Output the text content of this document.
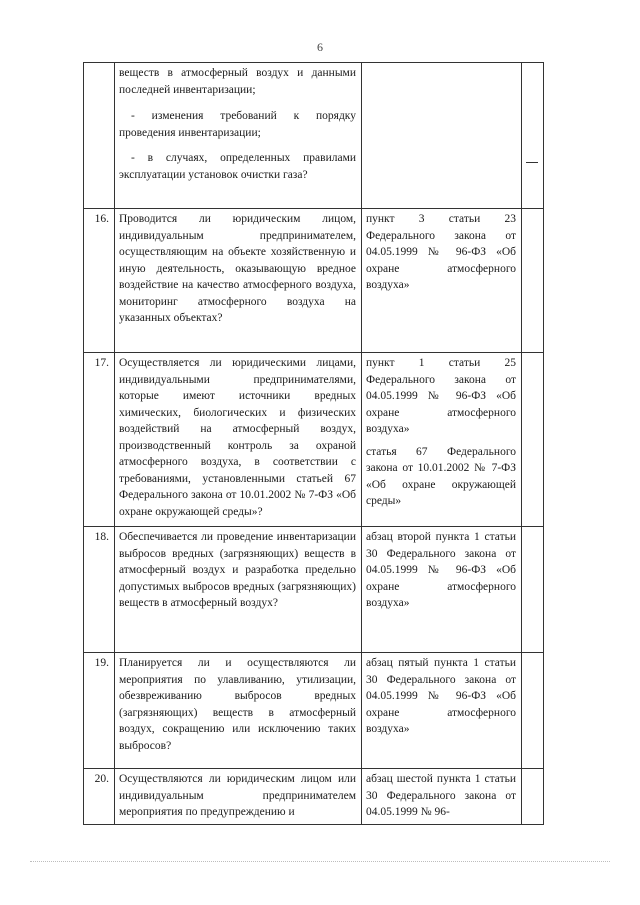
6

	веществ в атмосферный воздух и данными последней инвентаризации;

- изменения требований к порядку проведения инвентаризации;

- в случаях, определенных правилами эксплуатации установок очистки газа?		

16.	Проводится ли юридическим лицом, индивидуальным предпринимателем, осуществляющим на объекте хозяйственную и иную деятельность, оказывающую вредное воздействие на качество атмосферного воздуха, мониторинг атмосферного воздуха на указанных объектах?	пункт 3 статьи 23 Федерального закона от 04.05.1999 № 96-ФЗ «Об охране атмосферного воздуха»	

17.	Осуществляется ли юридическими лицами, индивидуальными предпринимателями, которые имеют источники вредных химических, биологических и физических воздействий на атмосферный воздух, производственный контроль за охраной атмосферного воздуха, в соответствии с требованиями, установленными статьей 67 Федерального закона от 10.01.2002 № 7-ФЗ «Об охране окружающей среды»?	пункт 1 статьи 25 Федерального закона от 04.05.1999 № 96-ФЗ «Об охране атмосферного воздуха»
статья 67 Федерального закона от 10.01.2002 № 7-ФЗ «Об охране окружающей среды»	

18.	Обеспечивается ли проведение инвентаризации выбросов вредных (загрязняющих) веществ в атмосферный воздух и разработка предельно допустимых выбросов вредных (загрязняющих) веществ в атмосферный воздух?	абзац второй пункта 1 статьи 30 Федерального закона от 04.05.1999 № 96-ФЗ «Об охране атмосферного воздуха»	

19.	Планируется ли и осуществляются ли мероприятия по улавливанию, утилизации, обезвреживанию выбросов вредных (загрязняющих) веществ в атмосферный воздух, сокращению или исключению таких выбросов?	абзац пятый пункта 1 статьи 30 Федерального закона от 04.05.1999 № 96-ФЗ «Об охране атмосферного воздуха»	

20.	Осуществляются ли юридическим лицом или индивидуальным предпринимателем мероприятия по предупреждению и	абзац шестой пункта 1 статьи 30 Федерального закона от 04.05.1999 № 96-	
